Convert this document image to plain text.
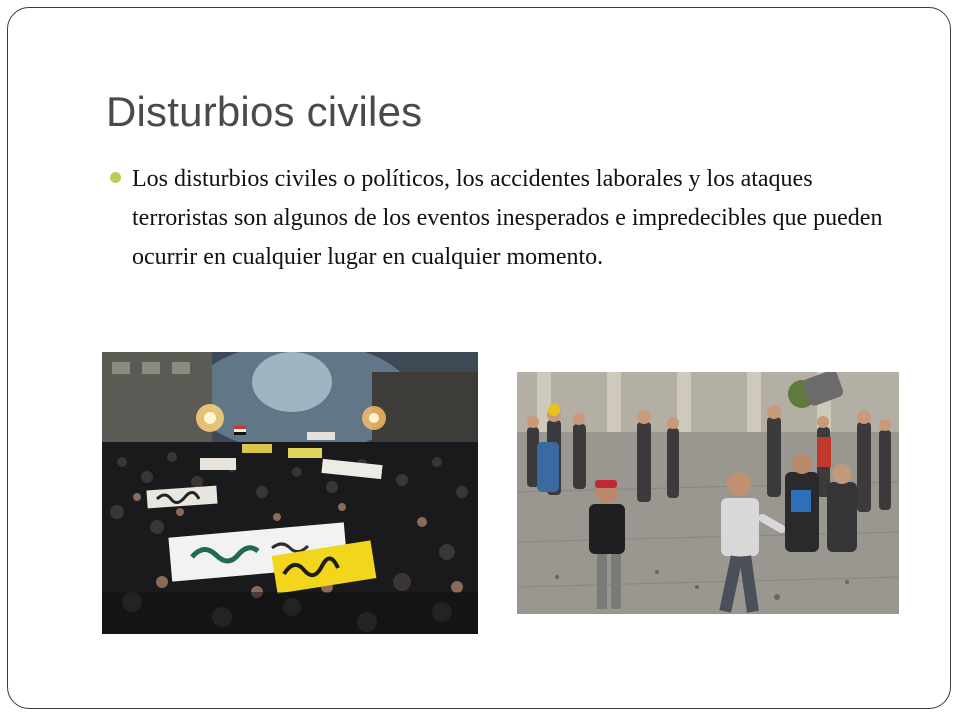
Disturbios civiles
Los disturbios civiles o políticos, los accidentes laborales y los ataques terroristas son algunos de los eventos inesperados e impredecibles que pueden ocurrir en cualquier lugar en cualquier momento.
